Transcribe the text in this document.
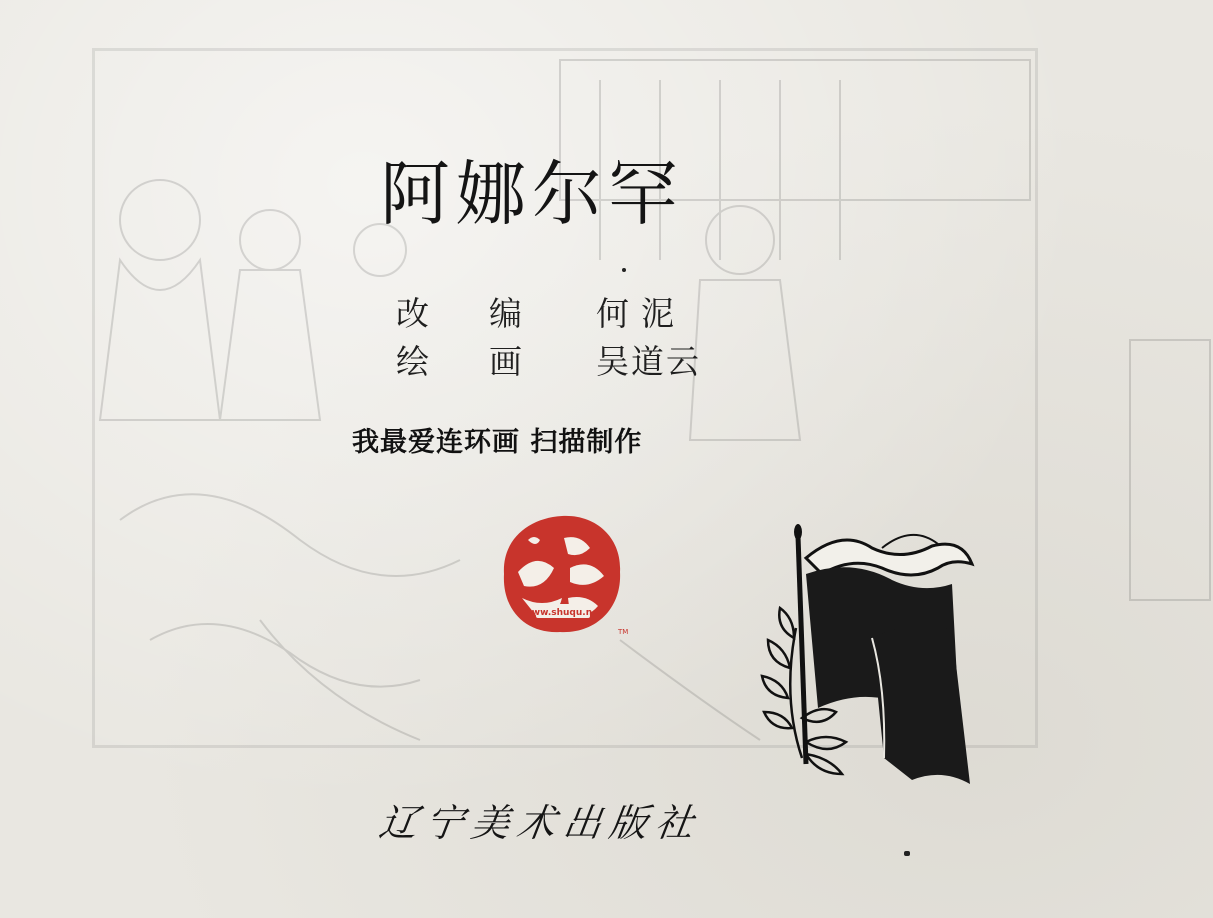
阿娜尔罕
改编 何泥
绘画 吴道云
我最爱连环画 扫描制作
www.shuqu.net
TM
辽宁美术出版社
